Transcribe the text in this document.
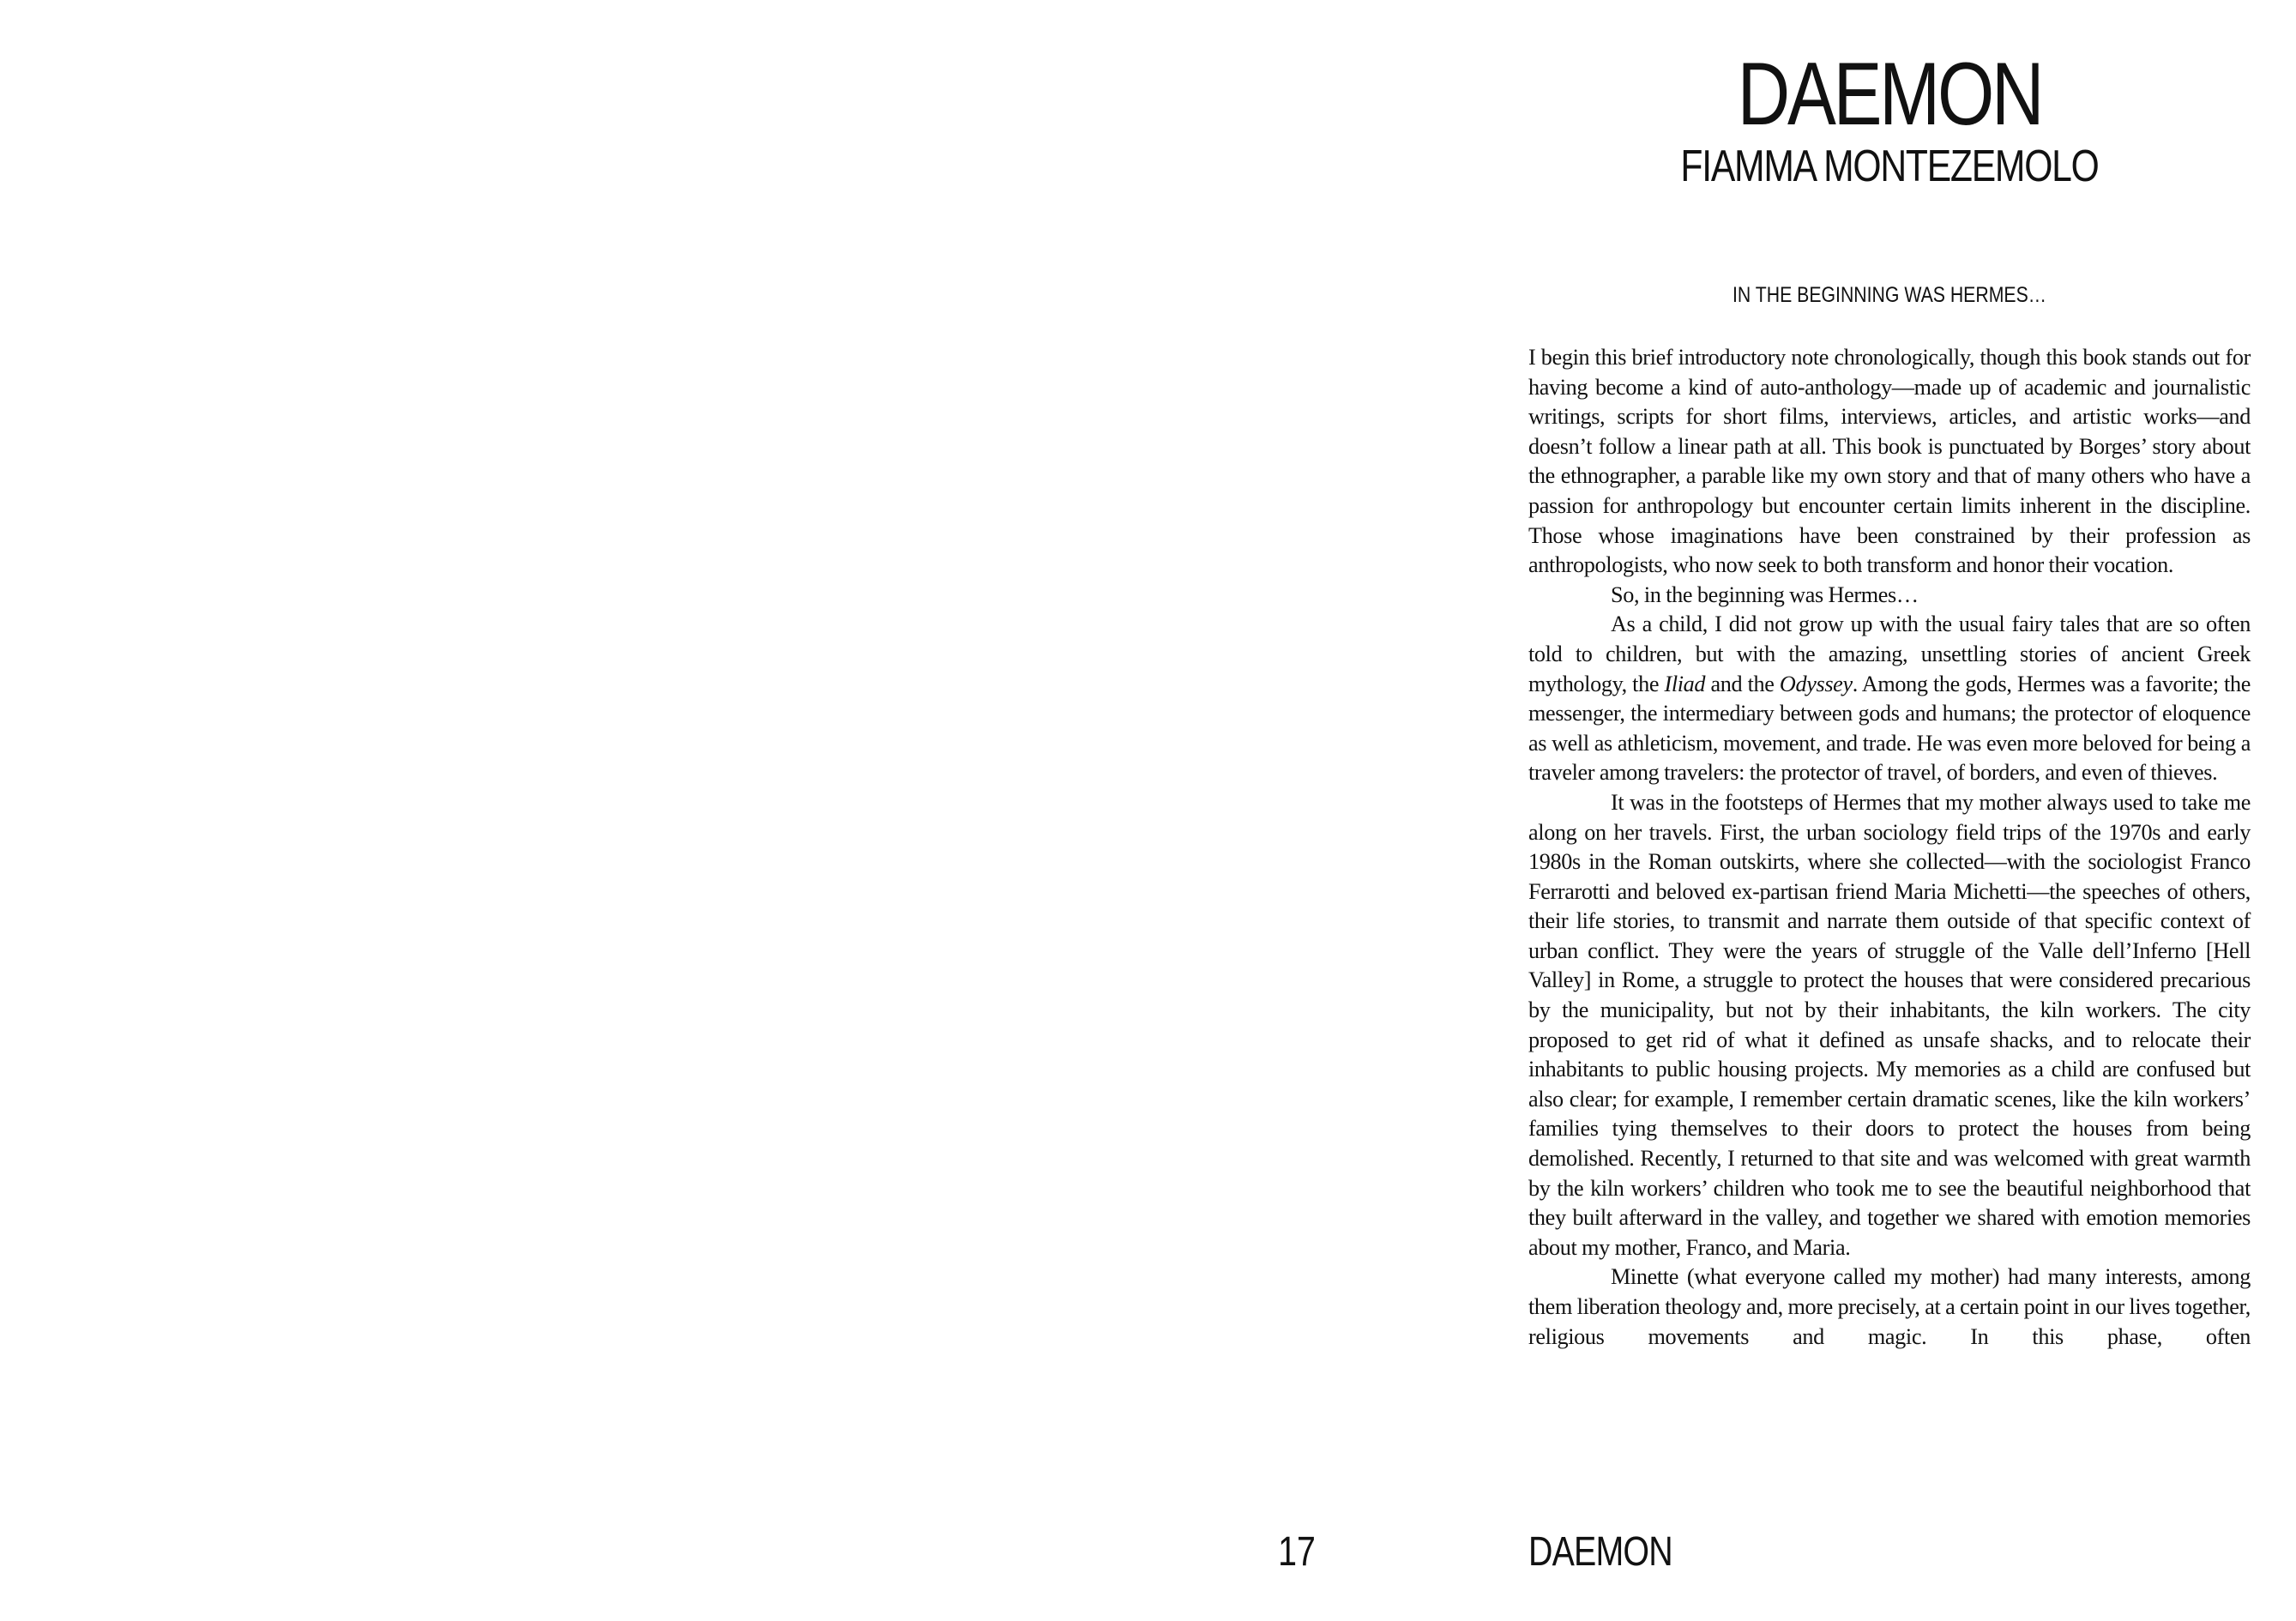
DAEMON
FIAMMA MONTEZEMOLO
IN THE BEGINNING WAS HERMES…

I begin this brief introductory note chronologically, though this book stands out for having become a kind of auto-anthology—made up of academic and journalistic writings, scripts for short films, interviews, articles, and artistic works—and doesn’t follow a linear path at all. This book is punctuated by Borges’ story about the ethnographer, a parable like my own story and that of many others who have a passion for anthropology but encounter certain limits inherent in the discipline. Those whose imaginations have been constrained by their profession as anthropologists, who now seek to both transform and honor their vocation.

So, in the beginning was Hermes…

As a child, I did not grow up with the usual fairy tales that are so often told to children, but with the amazing, unsettling stories of ancient Greek mythology, the Iliad and the Odyssey. Among the gods, Hermes was a favorite; the messenger, the intermediary between gods and humans; the protector of eloquence as well as athleticism, movement, and trade. He was even more beloved for being a traveler among travelers: the protector of travel, of borders, and even of thieves.

It was in the footsteps of Hermes that my mother always used to take me along on her travels. First, the urban sociology field trips of the 1970s and early 1980s in the Roman outskirts, where she collected—with the sociologist Franco Ferrarotti and beloved ex-partisan friend Maria Michetti—the speeches of others, their life stories, to transmit and narrate them outside of that specific context of urban conflict. They were the years of struggle of the Valle dell’Inferno [Hell Valley] in Rome, a struggle to protect the houses that were considered precarious by the municipality, but not by their inhabitants, the kiln workers. The city proposed to get rid of what it defined as unsafe shacks, and to relocate their inhabitants to public housing projects. My memories as a child are confused but also clear; for example, I remember certain dramatic scenes, like the kiln workers’ families tying themselves to their doors to protect the houses from being demolished. Recently, I returned to that site and was welcomed with great warmth by the kiln workers’ children who took me to see the beautiful neighborhood that they built afterward in the valley, and together we shared with emotion memories about my mother, Franco, and Maria.

Minette (what everyone called my mother) had many interests, among them liberation theology and, more precisely, at a certain point in our lives together, religious movements and magic. In this phase, often

17	DAEMON
